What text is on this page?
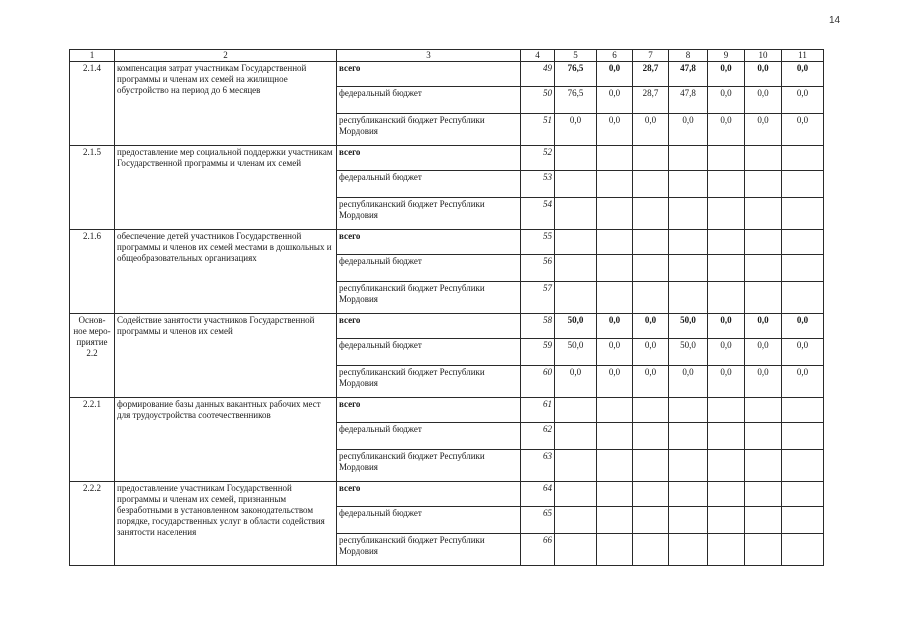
14
1	2	3	4	5	6	7	8	9	10	11
2.1.4	компенсация затрат участникам Государственной программы и членам их семей на жилищное обустройство на период до 6 месяцев	всего	49	76,5	0,0	28,7	47,8	0,0	0,0	0,0
		федеральный бюджет	50	76,5	0,0	28,7	47,8	0,0	0,0	0,0
		республиканский бюджет Республики Мордовия	51	0,0	0,0	0,0	0,0	0,0	0,0	0,0
2.1.5	предоставление мер социальной поддержки участникам Государственной программы и членам их семей	всего	52							
		федеральный бюджет	53							
		республиканский бюджет Республики Мордовия	54							
2.1.6	обеспечение детей участников Государственной программы и членов их семей местами в дошкольных и общеобразовательных организациях	всего	55							
		федеральный бюджет	56							
		республиканский бюджет Республики Мордовия	57							
Основ-ное меро-приятие 2.2	Содействие занятости участников Государственной программы и членов их семей	всего	58	50,0	0,0	0,0	50,0	0,0	0,0	0,0
		федеральный бюджет	59	50,0	0,0	0,0	50,0	0,0	0,0	0,0
		республиканский бюджет Республики Мордовия	60	0,0	0,0	0,0	0,0	0,0	0,0	0,0
2.2.1	формирование базы данных вакантных рабочих мест для трудоустройства соотечественников	всего	61							
		федеральный бюджет	62							
		республиканский бюджет Республики Мордовия	63							
2.2.2	предоставление участникам Государственной программы и членам их семей, признанным безработными в установленном законодательством порядке, государственных услуг в области содействия занятости населения	всего	64							
		федеральный бюджет	65							
		республиканский бюджет Республики Мордовия	66							
